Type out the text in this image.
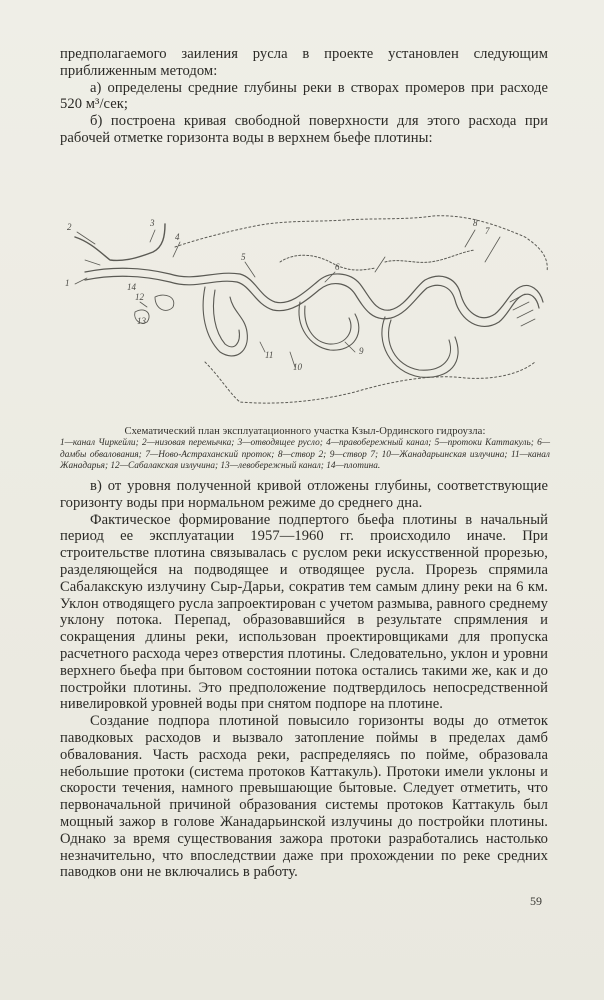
предполагаемого заиления русла в проекте установлен следующим приближенным методом:

а) определены средние глубины реки в створах промеров при расходе 520 м³/сек;

б) построена кривая свободной поверхности для этого расхода при рабочей отметке горизонта воды в верхнем бьефе плотины:

1
2	3
4
5
6
7
8
9
10
11
12
13
14
Схематический план эксплуатационного участка Кзыл-Ординского гидроузла:
1—канал Чиркейли; 2—низовая перемычка; 3—отводящее русло; 4—правобережный канал; 5—протоки Каттакуль; 6—дамбы обвалования; 7—Ново-Астраханский проток; 8—створ 2; 9—створ 7; 10—Жанадарьинская излучина; 11—канал Жанадарья; 12—Сабалакская излучина; 13—левобережный канал; 14—плотина.

в) от уровня полученной кривой отложены глубины, соответствующие горизонту воды при нормальном режиме до среднего дна.

Фактическое формирование подпертого бьефа плотины в начальный период ее эксплуатации 1957—1960 гг. происходило иначе. При строительстве плотина связывалась с руслом реки искусственной прорезью, разделяющейся на подводящее и отводящее русла. Прорезь спрямила Сабалакскую излучину Сыр-Дарьи, сократив тем самым длину реки на 6 км. Уклон отводящего русла запроектирован с учетом размыва, равного среднему уклону потока. Перепад, образовавшийся в результате спрямления и сокращения длины реки, использован проектировщиками для пропуска расчетного расхода через отверстия плотины. Следовательно, уклон и уровни верхнего бьефа при бытовом состоянии потока остались такими же, как и до постройки плотины. Это предположение подтвердилось непосредственной нивелировкой уровней воды при снятом подпоре на плотине.

Создание подпора плотиной повысило горизонты воды до отметок паводковых расходов и вызвало затопление поймы в пределах дамб обвалования. Часть расхода реки, распределяясь по пойме, образовала небольшие протоки (система протоков Каттакуль). Протоки имели уклоны и скорости течения, намного превышающие бытовые. Следует отметить, что первоначальной причиной образования системы протоков Каттакуль был мощный зажор в голове Жанадарьинской излучины до постройки плотины. Однако за время существования зажора протоки разработались настолько незначительно, что впоследствии даже при прохождении по реке средних паводков они не включались в работу.

59
